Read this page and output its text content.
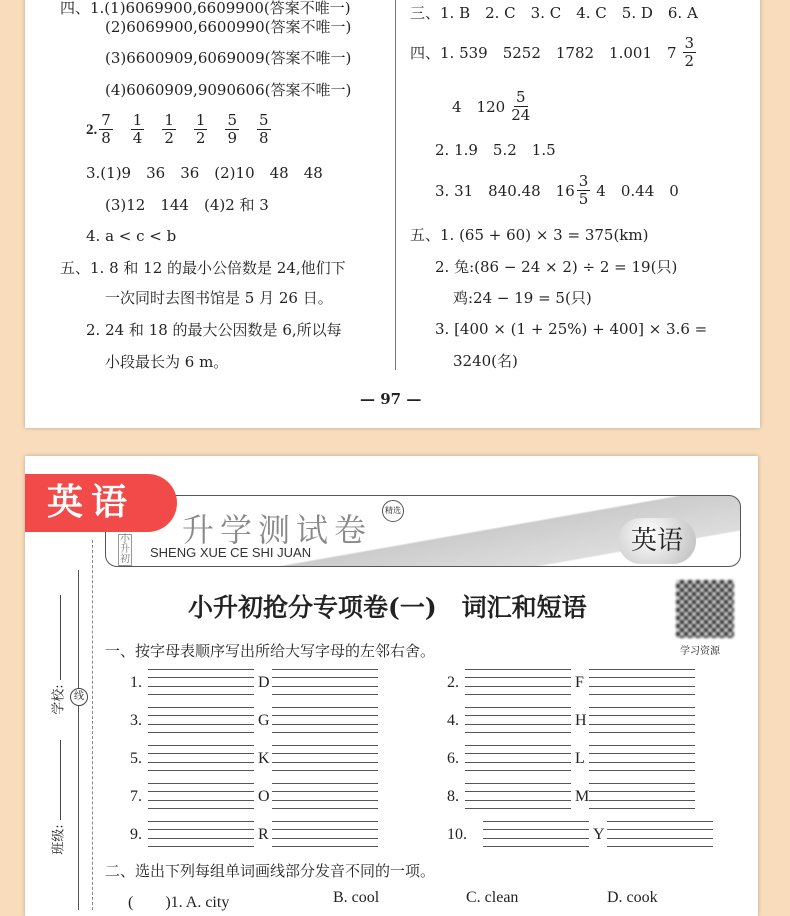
四、1.(1)6069900,6609900(答案不唯一)
(2)6069900,6600990(答案不唯一)
(3)6600909,6069009(答案不唯一)
(4)6060909,9090606(答案不唯一)
3.(1)9　36　36　(2)10　48　48
(3)12　144　(4)2 和 3
4. a < c < b
五、1. 8 和 12 的最小公倍数是 24,他们下
一次同时去图书馆是 5 月 26 日。
2. 24 和 18 的最大公因数是 6,所以每
小段最长为 6 m。
2. $\frac{7}{8} \frac{1}{4} \frac{1}{2} \frac{1}{2} \frac{5}{9} \frac{5}{8}$
三、1. B　2. C　3. C　4. C　5. D　6. A
四、1. 539　5252　1782　1.001　$7 \frac{3}{2}$
4　$120 \frac{5}{24}$
2. 1.9　5.2　1.5
3. 31　840.48　$16 \frac{3}{5} 4$　0.44　0
五、1. (65 + 60) × 3 = 375(km)
2. 兔:(86 − 24 × 2) ÷ 2 = 19(只)
鸡:24 − 19 = 5(只)
3. [400 × (1 + 25%) + 400] × 3.6 =
3240(名)
— 97 —
学校:
班级:
线
英语
小升初
升学测试卷
精选
SHENG XUE CE SHI JUAN	英语
小升初抢分专项卷(一)　词汇和短语
学习资源
一、按字母表顺序写出所给大写字母的左邻右舍。
1.	D	2.	F
3.	G	4.	H
5.	K	6.	L
7.	O	8.	M
9.	R	10.	Y
二、选出下列每组单词画线部分发音不同的一项。
(　　)1. A. city	B. cool	C. clean	D. cook
